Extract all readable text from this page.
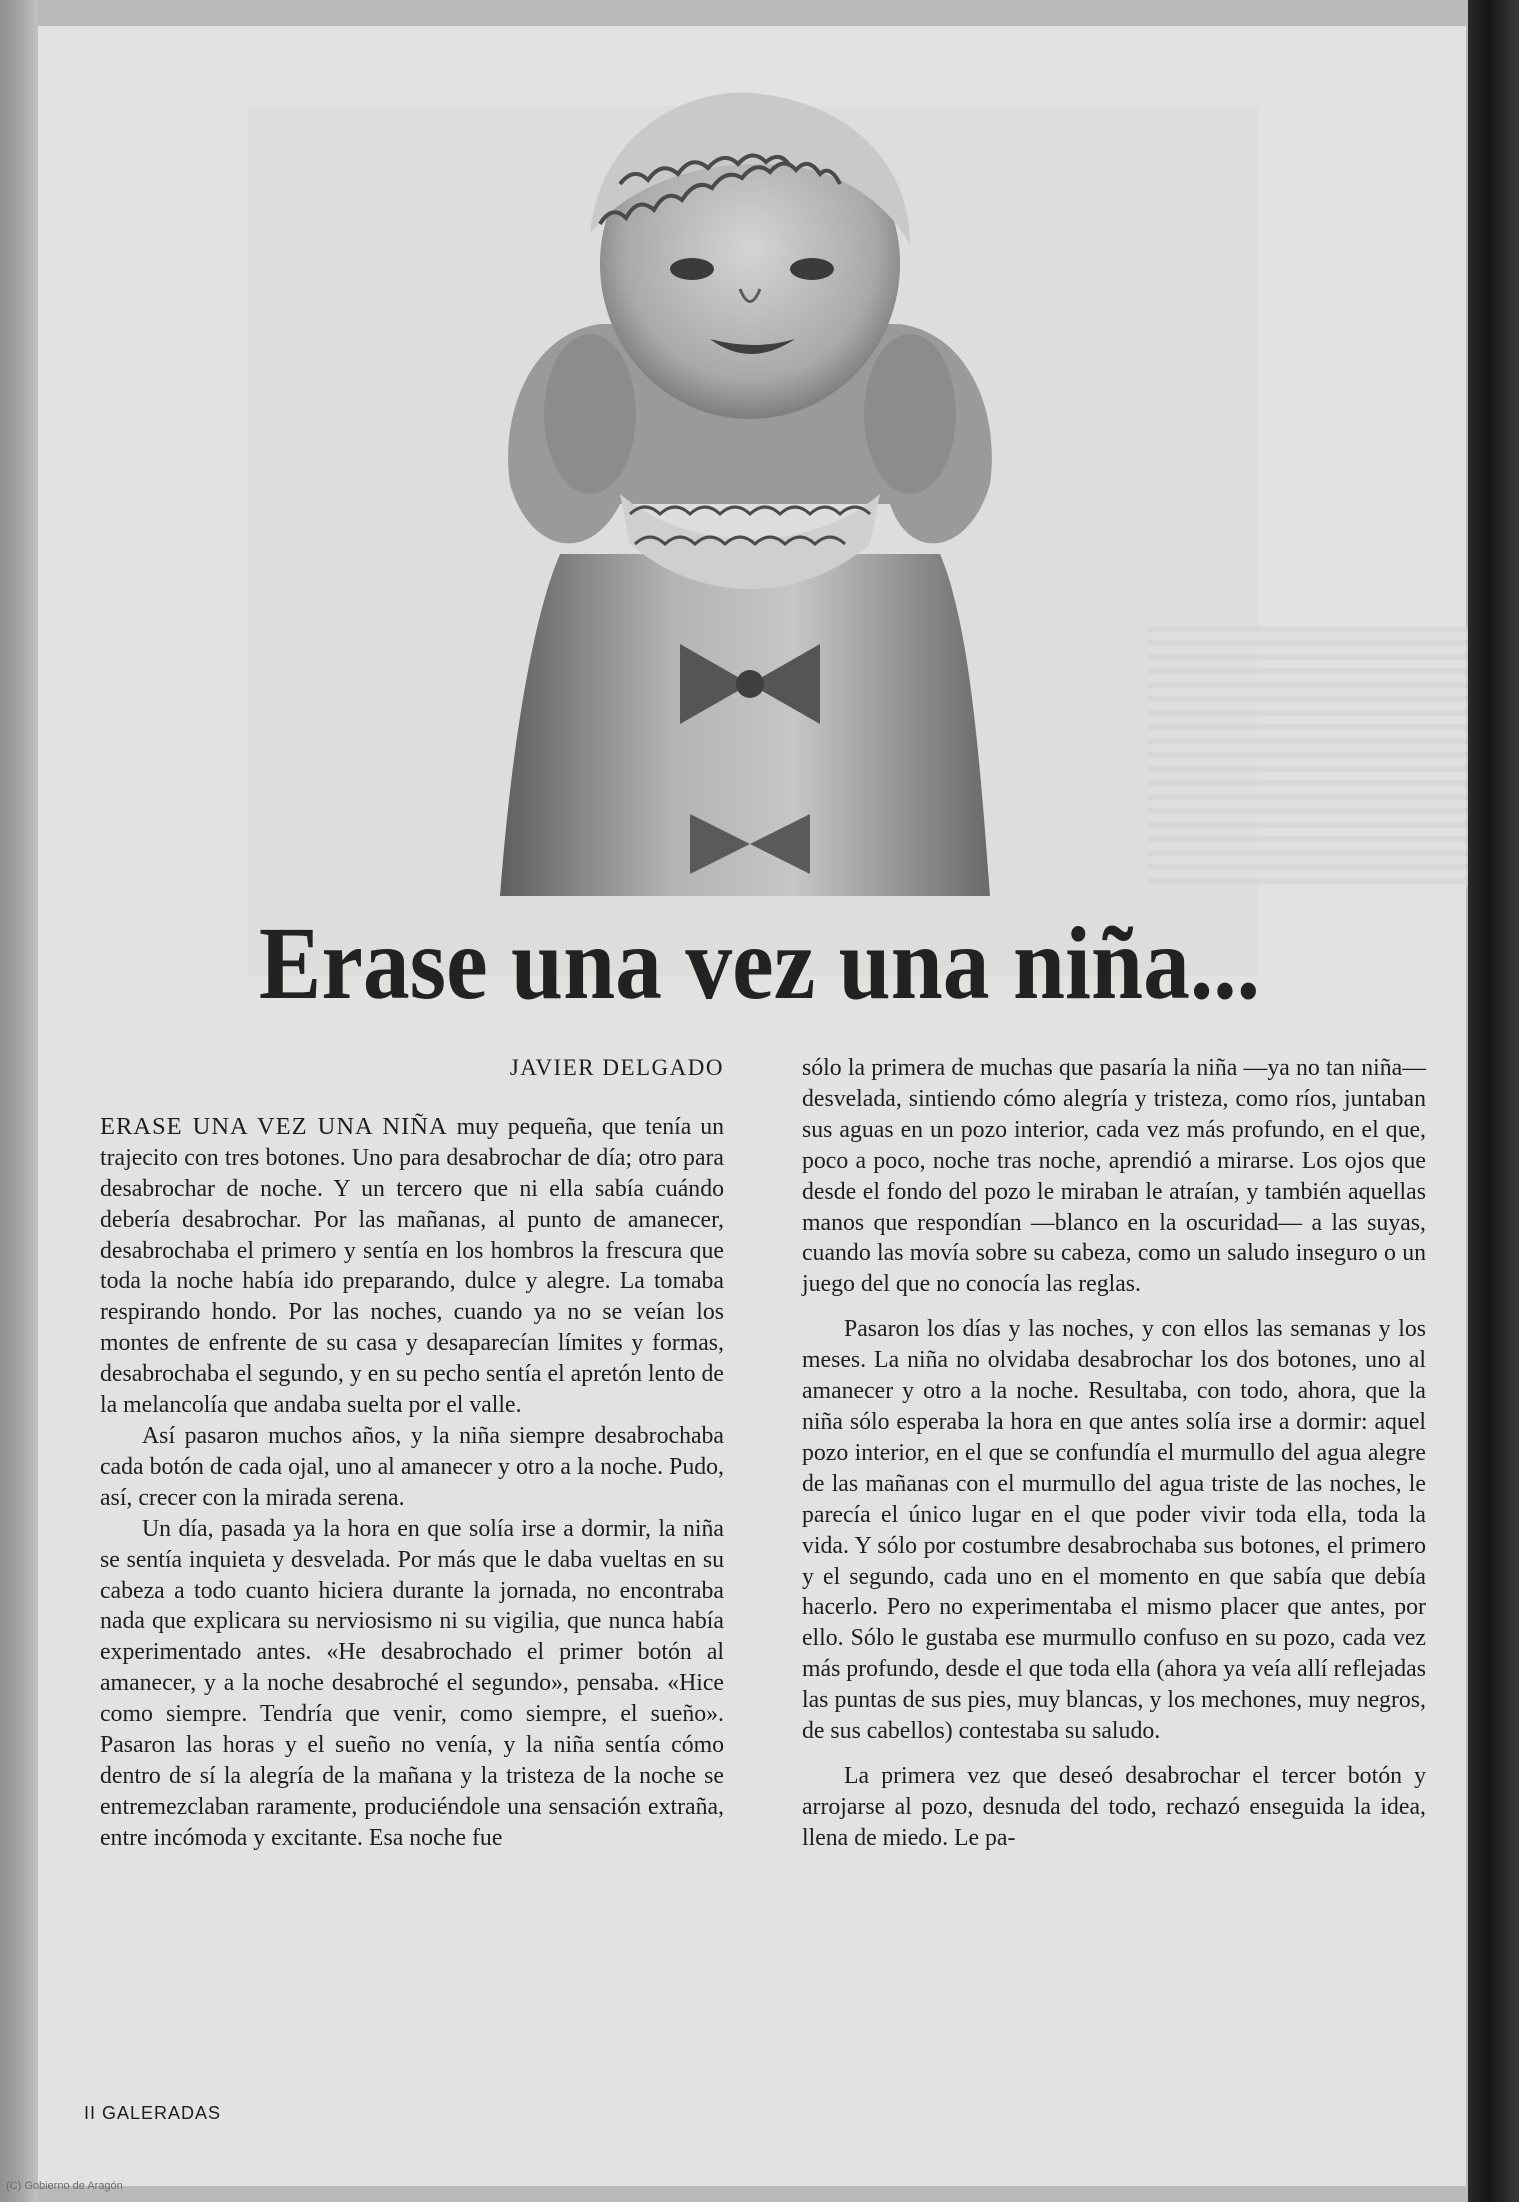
Erase una vez una niña...
JAVIER DELGADO

ERASE UNA VEZ UNA NIÑA muy pequeña, que tenía un trajecito con tres botones. Uno para desabrochar de día; otro para desabrochar de noche. Y un tercero que ni ella sabía cuándo debería desabrochar. Por las mañanas, al punto de amanecer, desabrochaba el primero y sentía en los hombros la frescura que toda la noche había ido preparando, dulce y alegre. La tomaba respirando hondo. Por las noches, cuando ya no se veían los montes de enfrente de su casa y desaparecían límites y formas, desabrochaba el segundo, y en su pecho sentía el apretón lento de la melancolía que andaba suelta por el valle.

Así pasaron muchos años, y la niña siempre desabrochaba cada botón de cada ojal, uno al amanecer y otro a la noche. Pudo, así, crecer con la mirada serena.

Un día, pasada ya la hora en que solía irse a dormir, la niña se sentía inquieta y desvelada. Por más que le daba vueltas en su cabeza a todo cuanto hiciera durante la jornada, no encontraba nada que explicara su nerviosismo ni su vigilia, que nunca había experimentado antes. «He desabrochado el primer botón al amanecer, y a la noche desabroché el segundo», pensaba. «Hice como siempre. Tendría que venir, como siempre, el sueño». Pasaron las horas y el sueño no venía, y la niña sentía cómo dentro de sí la alegría de la mañana y la tristeza de la noche se entremezclaban raramente, produciéndole una sensación extraña, entre incómoda y excitante. Esa noche fue

sólo la primera de muchas que pasaría la niña —ya no tan niña— desvelada, sintiendo cómo alegría y tristeza, como ríos, juntaban sus aguas en un pozo interior, cada vez más profundo, en el que, poco a poco, noche tras noche, aprendió a mirarse. Los ojos que desde el fondo del pozo le miraban le atraían, y también aquellas manos que respondían —blanco en la oscuridad— a las suyas, cuando las movía sobre su cabeza, como un saludo inseguro o un juego del que no conocía las reglas.

Pasaron los días y las noches, y con ellos las semanas y los meses. La niña no olvidaba desabrochar los dos botones, uno al amanecer y otro a la noche. Resultaba, con todo, ahora, que la niña sólo esperaba la hora en que antes solía irse a dormir: aquel pozo interior, en el que se confundía el murmullo del agua alegre de las mañanas con el murmullo del agua triste de las noches, le parecía el único lugar en el que poder vivir toda ella, toda la vida. Y sólo por costumbre desabrochaba sus botones, el primero y el segundo, cada uno en el momento en que sabía que debía hacerlo. Pero no experimentaba el mismo placer que antes, por ello. Sólo le gustaba ese murmullo confuso en su pozo, cada vez más profundo, desde el que toda ella (ahora ya veía allí reflejadas las puntas de sus pies, muy blancas, y los mechones, muy negros, de sus cabellos) contestaba su saludo.

La primera vez que deseó desabrochar el tercer botón y arrojarse al pozo, desnuda del todo, rechazó enseguida la idea, llena de miedo. Le pa-

II GALERADAS
(C) Gobierno de Aragón
